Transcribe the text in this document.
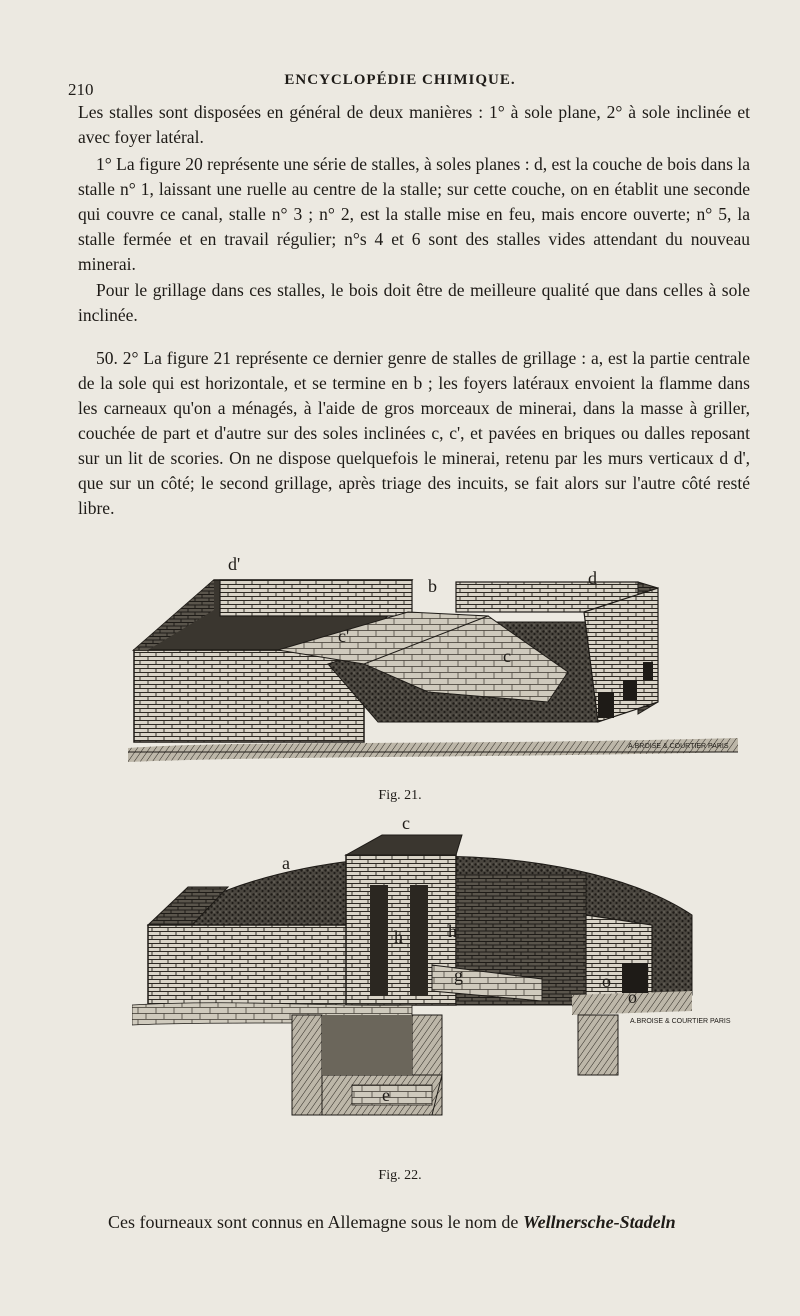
210	ENCYCLOPÉDIE CHIMIQUE.
Les stalles sont disposées en général de deux manières : 1° à sole plane, 2° à sole inclinée et avec foyer latéral.
1° La figure 20 représente une série de stalles, à soles planes : d, est la couche de bois dans la stalle n° 1, laissant une ruelle au centre de la stalle; sur cette couche, on en établit une seconde qui couvre ce canal, stalle n° 3 ; n° 2, est la stalle mise en feu, mais encore ouverte; n° 5, la stalle fermée et en travail régulier; n°s 4 et 6 sont des stalles vides attendant du nouveau minerai.
Pour le grillage dans ces stalles, le bois doit être de meilleure qualité que dans celles à sole inclinée.
50. 2° La figure 21 représente ce dernier genre de stalles de grillage : a, est la partie centrale de la sole qui est horizontale, et se termine en b ; les foyers latéraux envoient la flamme dans les carneaux qu'on a ménagés, à l'aide de gros morceaux de minerai, dans la masse à griller, couchée de part et d'autre sur des soles inclinées c, c', et pavées en briques ou dalles reposant sur un lit de scories. On ne dispose quelquefois le minerai, retenu par les murs verticaux d d', que sur un côté; le second grillage, après triage des incuits, se fait alors sur l'autre côté resté libre.
d'
b	d
c'
c
A.BROISE & COURTIER PARIS
Fig. 21.
c
a
h	h
g
e
o
o
A.BROISE & COURTIER PARIS
Fig. 22.
Ces fourneaux sont connus en Allemagne sous le nom de Wellnersche-Stadeln
